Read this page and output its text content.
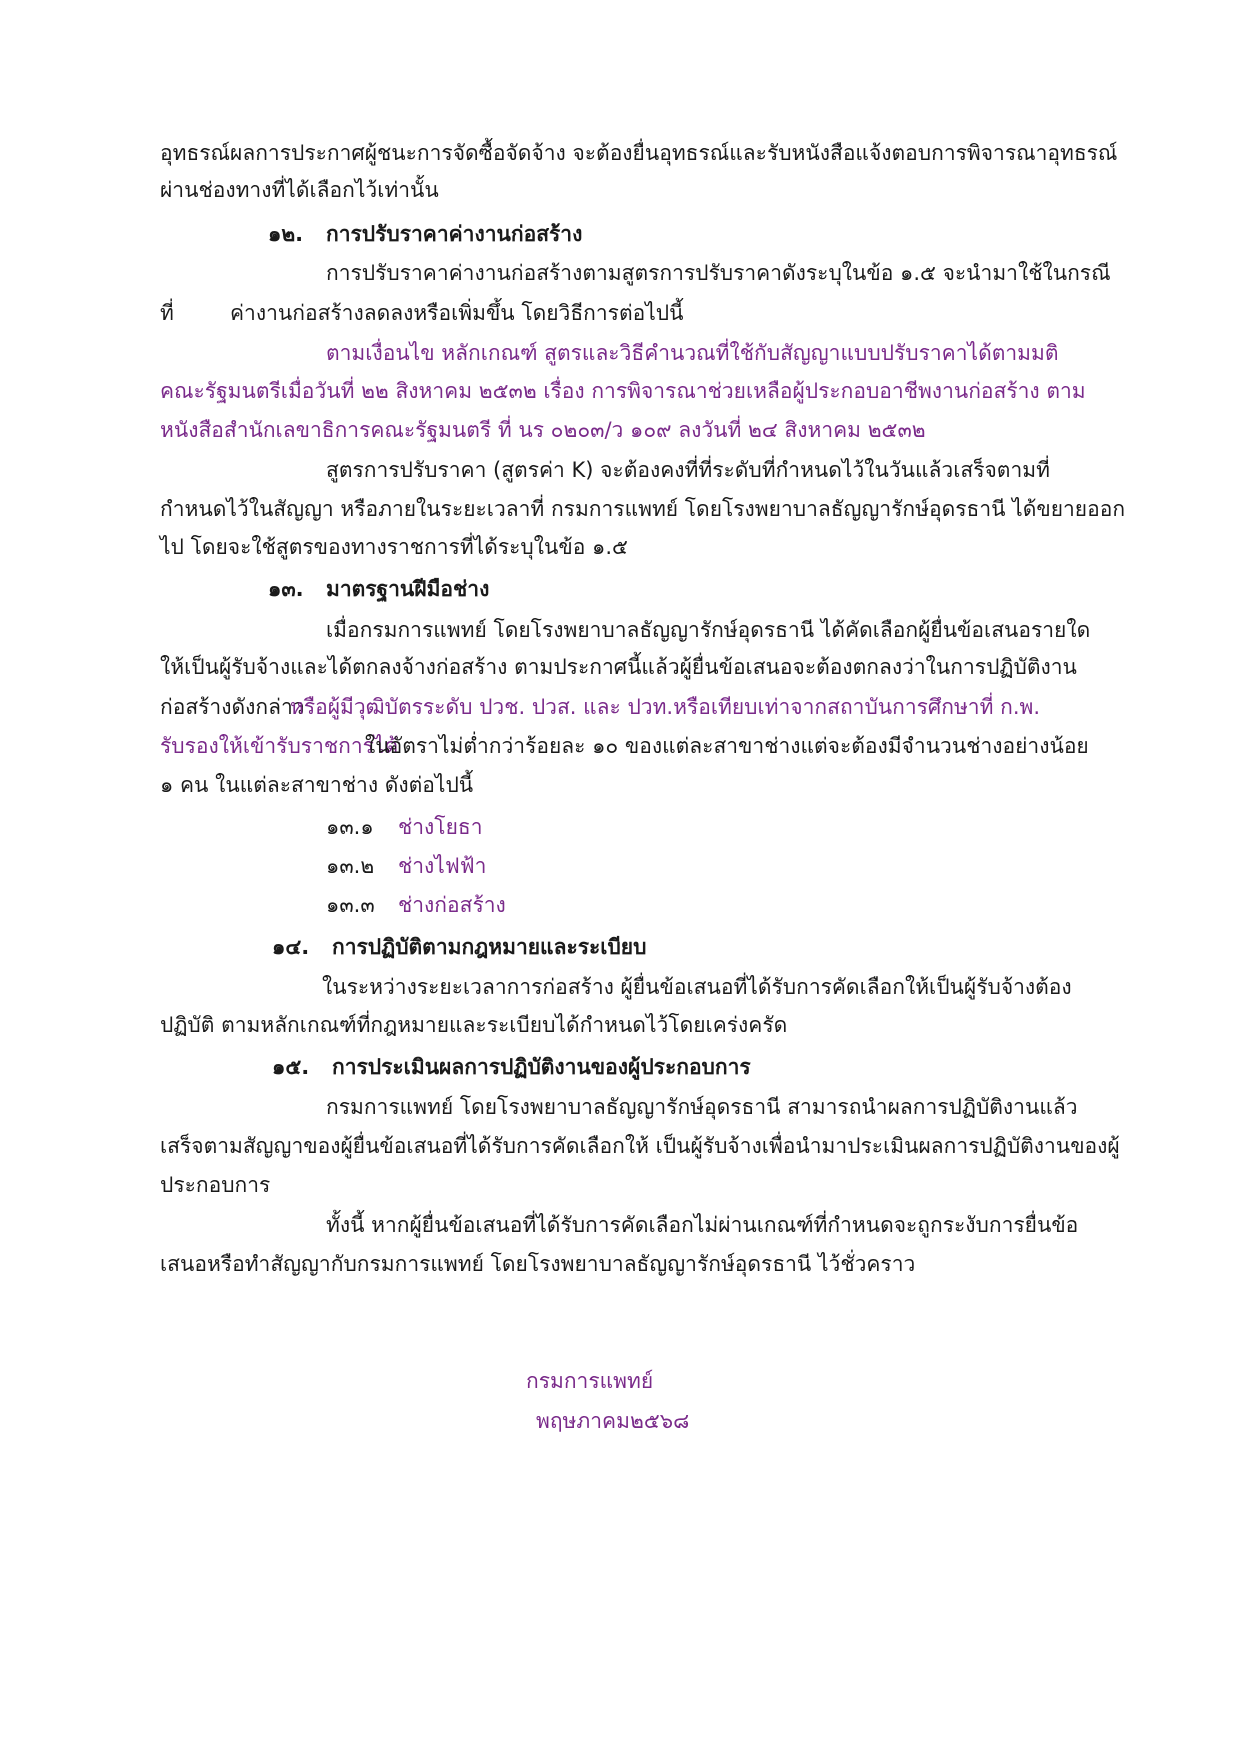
อุทธรณ์ผลการประกาศผู้ชนะการจัดซื้อจัดจ้าง จะต้องยื่นอุทธรณ์และรับหนังสือแจ้งตอบการพิจารณาอุทธรณ์
ผ่านช่องทางที่ได้เลือกไว้เท่านั้น
๑๒. การปรับราคาค่างานก่อสร้าง
การปรับราคาค่างานก่อสร้างตามสูตรการปรับราคาดังระบุในข้อ ๑.๕ จะนำมาใช้ในกรณี
ที่	ค่างานก่อสร้างลดลงหรือเพิ่มขึ้น โดยวิธีการต่อไปนี้
ตามเงื่อนไข หลักเกณฑ์ สูตรและวิธีคำนวณที่ใช้กับสัญญาแบบปรับราคาได้ตามมติ
คณะรัฐมนตรีเมื่อวันที่ ๒๒ สิงหาคม ๒๕๓๒ เรื่อง การพิจารณาช่วยเหลือผู้ประกอบอาชีพงานก่อสร้าง ตาม
หนังสือสำนักเลขาธิการคณะรัฐมนตรี ที่ นร ๐๒๐๓/ว ๑๐๙ ลงวันที่ ๒๔ สิงหาคม ๒๕๓๒
สูตรการปรับราคา (สูตรค่า K) จะต้องคงที่ที่ระดับที่กำหนดไว้ในวันแล้วเสร็จตามที่
กำหนดไว้ในสัญญา หรือภายในระยะเวลาที่ กรมการแพทย์ โดยโรงพยาบาลธัญญารักษ์อุดรธานี ได้ขยายออก
ไป โดยจะใช้สูตรของทางราชการที่ได้ระบุในข้อ ๑.๕
๑๓. มาตรฐานฝีมือช่าง
เมื่อกรมการแพทย์ โดยโรงพยาบาลธัญญารักษ์อุดรธานี ได้คัดเลือกผู้ยื่นข้อเสนอรายใด
ให้เป็นผู้รับจ้างและได้ตกลงจ้างก่อสร้าง ตามประกาศนี้แล้วผู้ยื่นข้อเสนอจะต้องตกลงว่าในการปฏิบัติงาน
ก่อสร้างดังกล่าว
หรือผู้มีวุฒิบัตรระดับ ปวช. ปวส. และ ปวท.หรือเทียบเท่าจากสถาบันการศึกษาที่ ก.พ.
รับรองให้เข้ารับราชการได้
ในอัตราไม่ต่ำกว่าร้อยละ ๑๐ ของแต่ละสาขาช่างแต่จะต้องมีจำนวนช่างอย่างน้อย
๑ คน ในแต่ละสาขาช่าง ดังต่อไปนี้
๑๓.๑ ช่างโยธา
๑๓.๒ ช่างไฟฟ้า
๑๓.๓ ช่างก่อสร้าง
๑๔. การปฏิบัติตามกฎหมายและระเบียบ
ในระหว่างระยะเวลาการก่อสร้าง ผู้ยื่นข้อเสนอที่ได้รับการคัดเลือกให้เป็นผู้รับจ้างต้อง
ปฏิบัติ ตามหลักเกณฑ์ที่กฎหมายและระเบียบได้กำหนดไว้โดยเคร่งครัด
๑๕. การประเมินผลการปฏิบัติงานของผู้ประกอบการ
กรมการแพทย์ โดยโรงพยาบาลธัญญารักษ์อุดรธานี สามารถนำผลการปฏิบัติงานแล้ว
เสร็จตามสัญญาของผู้ยื่นข้อเสนอที่ได้รับการคัดเลือกให้ เป็นผู้รับจ้างเพื่อนำมาประเมินผลการปฏิบัติงานของผู้
ประกอบการ
ทั้งนี้ หากผู้ยื่นข้อเสนอที่ได้รับการคัดเลือกไม่ผ่านเกณฑ์ที่กำหนดจะถูกระงับการยื่นข้อ
เสนอหรือทำสัญญากับกรมการแพทย์ โดยโรงพยาบาลธัญญารักษ์อุดรธานี ไว้ชั่วคราว
กรมการแพทย์
พฤษภาคม ๒๕๖๘
